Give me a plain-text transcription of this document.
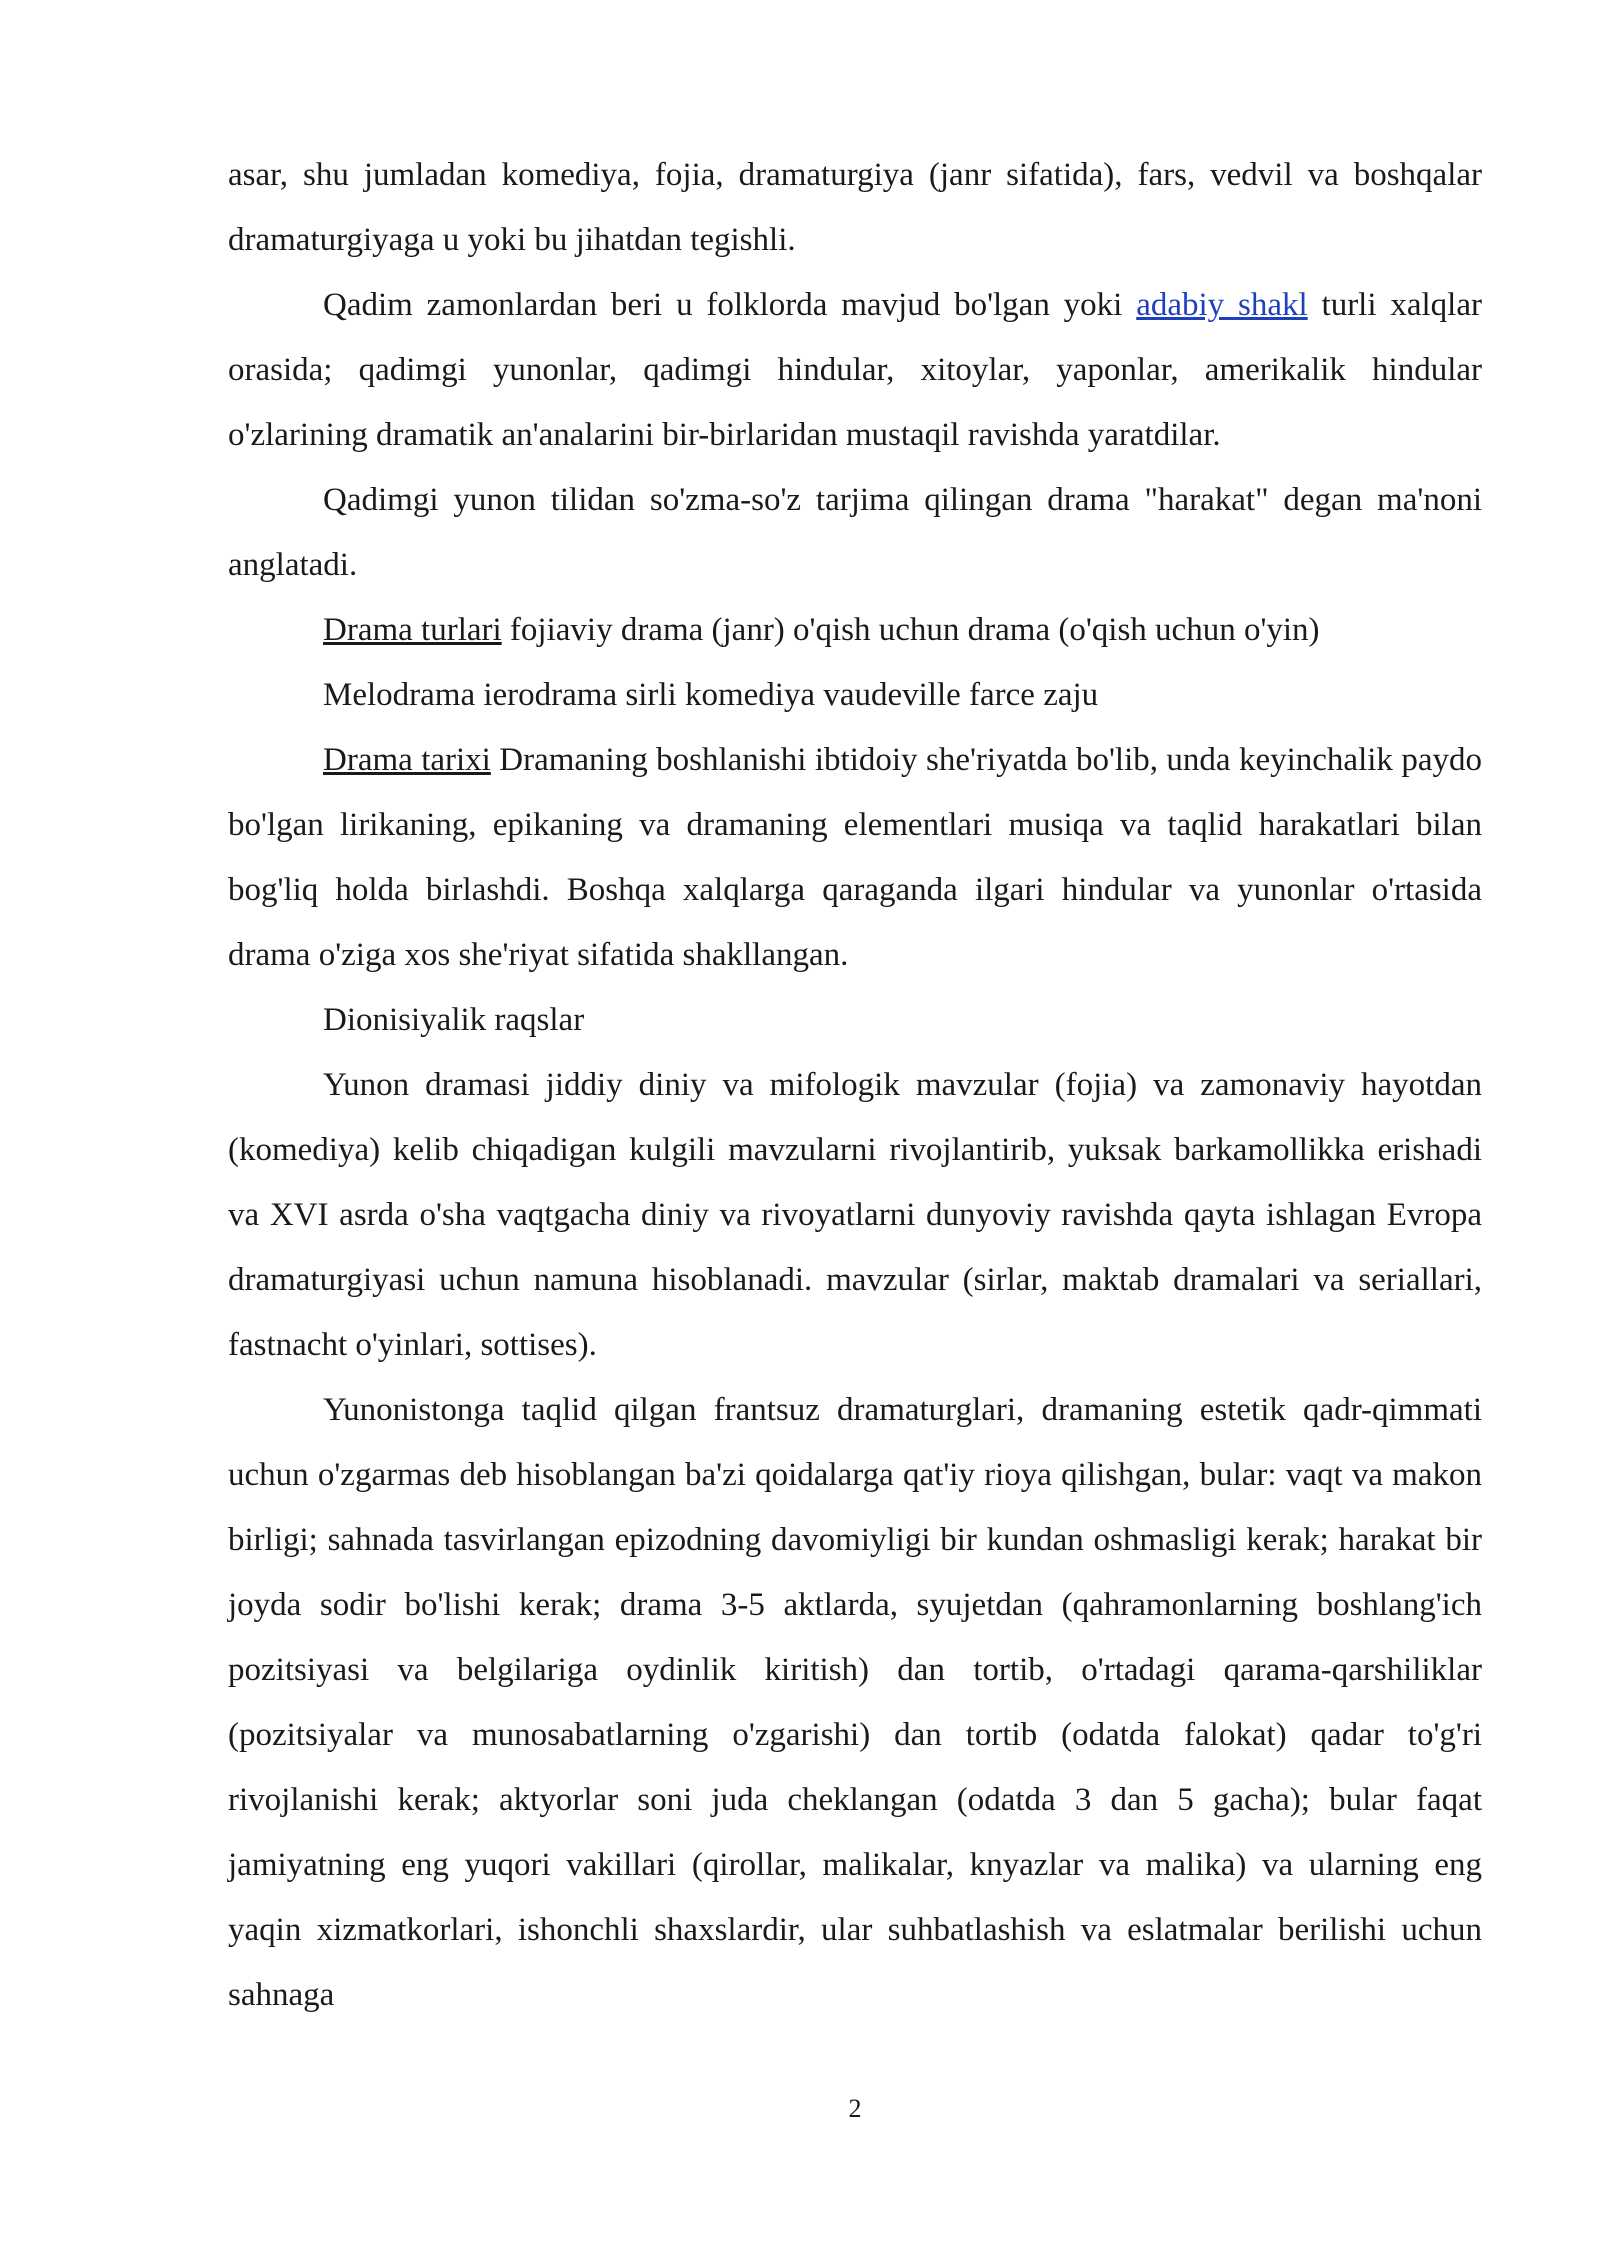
asar, shu jumladan komediya, fojia, dramaturgiya (janr sifatida), fars, vedvil va boshqalar dramaturgiyaga u yoki bu jihatdan tegishli.

Qadim zamonlardan beri u folklorda mavjud bo'lgan yoki adabiy shakl turli xalqlar orasida; qadimgi yunonlar, qadimgi hindular, xitoylar, yaponlar, amerikalik hindular o'zlarining dramatik an'analarini bir-birlaridan mustaqil ravishda yaratdilar.

Qadimgi yunon tilidan so'zma-so'z tarjima qilingan drama "harakat" degan ma'noni anglatadi.

Drama turlari fojiaviy drama (janr) o'qish uchun drama (o'qish uchun o'yin)

Melodrama ierodrama sirli komediya vaudeville farce zaju

Drama tarixi Dramaning boshlanishi ibtidoiy she'riyatda bo'lib, unda keyinchalik paydo bo'lgan lirikaning, epikaning va dramaning elementlari musiqa va taqlid harakatlari bilan bog'liq holda birlashdi. Boshqa xalqlarga qaraganda ilgari hindular va yunonlar o'rtasida drama o'ziga xos she'riyat sifatida shakllangan.

Dionisiyalik raqslar

Yunon dramasi jiddiy diniy va mifologik mavzular (fojia) va zamonaviy hayotdan (komediya) kelib chiqadigan kulgili mavzularni rivojlantirib, yuksak barkamollikka erishadi va XVI asrda o'sha vaqtgacha diniy va rivoyatlarni dunyoviy ravishda qayta ishlagan Evropa dramaturgiyasi uchun namuna hisoblanadi. mavzular (sirlar, maktab dramalari va seriallari, fastnacht o'yinlari, sottises).

Yunonistonga taqlid qilgan frantsuz dramaturglari, dramaning estetik qadr-qimmati uchun o'zgarmas deb hisoblangan ba'zi qoidalarga qat'iy rioya qilishgan, bular: vaqt va makon birligi; sahnada tasvirlangan epizodning davomiyligi bir kundan oshmasligi kerak; harakat bir joyda sodir bo'lishi kerak; drama 3-5 aktlarda, syujetdan (qahramonlarning boshlang'ich pozitsiyasi va belgilariga oydinlik kiritish) dan tortib, o'rtadagi qarama-qarshiliklar (pozitsiyalar va munosabatlarning o'zgarishi) dan tortib (odatda falokat) qadar to'g'ri rivojlanishi kerak; aktyorlar soni juda cheklangan (odatda 3 dan 5 gacha); bular faqat jamiyatning eng yuqori vakillari (qirollar, malikalar, knyazlar va malika) va ularning eng yaqin xizmatkorlari, ishonchli shaxslardir, ular suhbatlashish va eslatmalar berilishi uchun sahnaga

2
